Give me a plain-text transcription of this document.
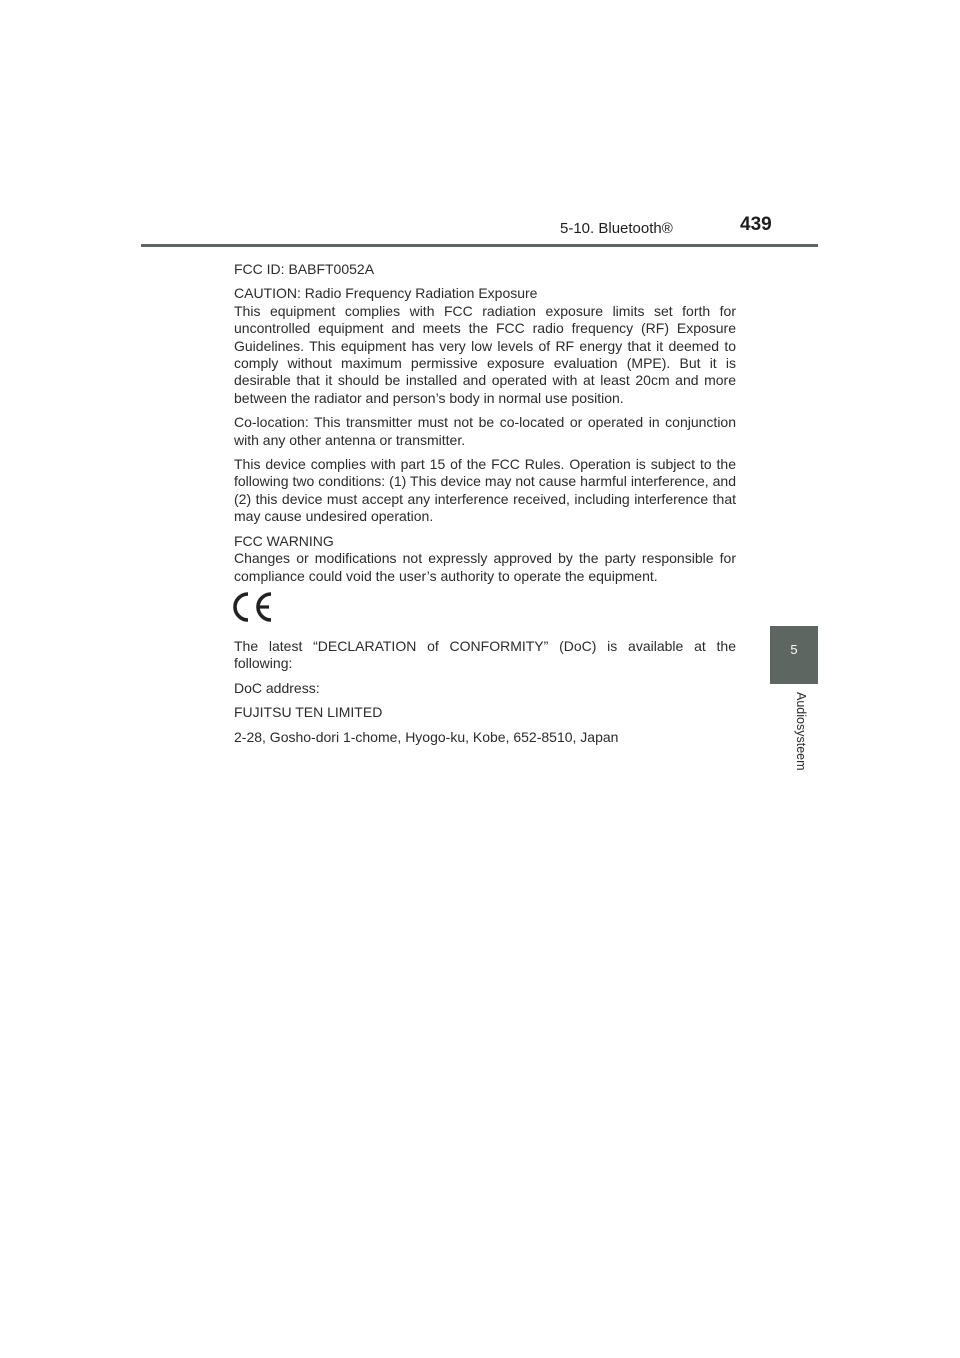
5-10. Bluetooth®	439

FCC ID: BABFT0052A

CAUTION: Radio Frequency Radiation Exposure
This equipment complies with FCC radiation exposure limits set forth for uncontrolled equipment and meets the FCC radio frequency (RF) Exposure Guidelines. This equipment has very low levels of RF energy that it deemed to comply without maximum permissive exposure evaluation (MPE). But it is desirable that it should be installed and operated with at least 20cm and more between the radiator and person’s body in normal use position.

Co-location: This transmitter must not be co-located or operated in conjunction with any other antenna or transmitter.

This device complies with part 15 of the FCC Rules. Operation is subject to the following two conditions: (1) This device may not cause harmful interference, and (2) this device must accept any interference received, including interference that may cause undesired operation.

FCC WARNING
Changes or modifications not expressly approved by the party responsible for compliance could void the user’s authority to operate the equipment.

The latest “DECLARATION of CONFORMITY” (DoC) is available at the following:

DoC address:

FUJITSU TEN LIMITED

2-28, Gosho-dori 1-chome, Hyogo-ku, Kobe, 652-8510, Japan

5
Audiosysteem
